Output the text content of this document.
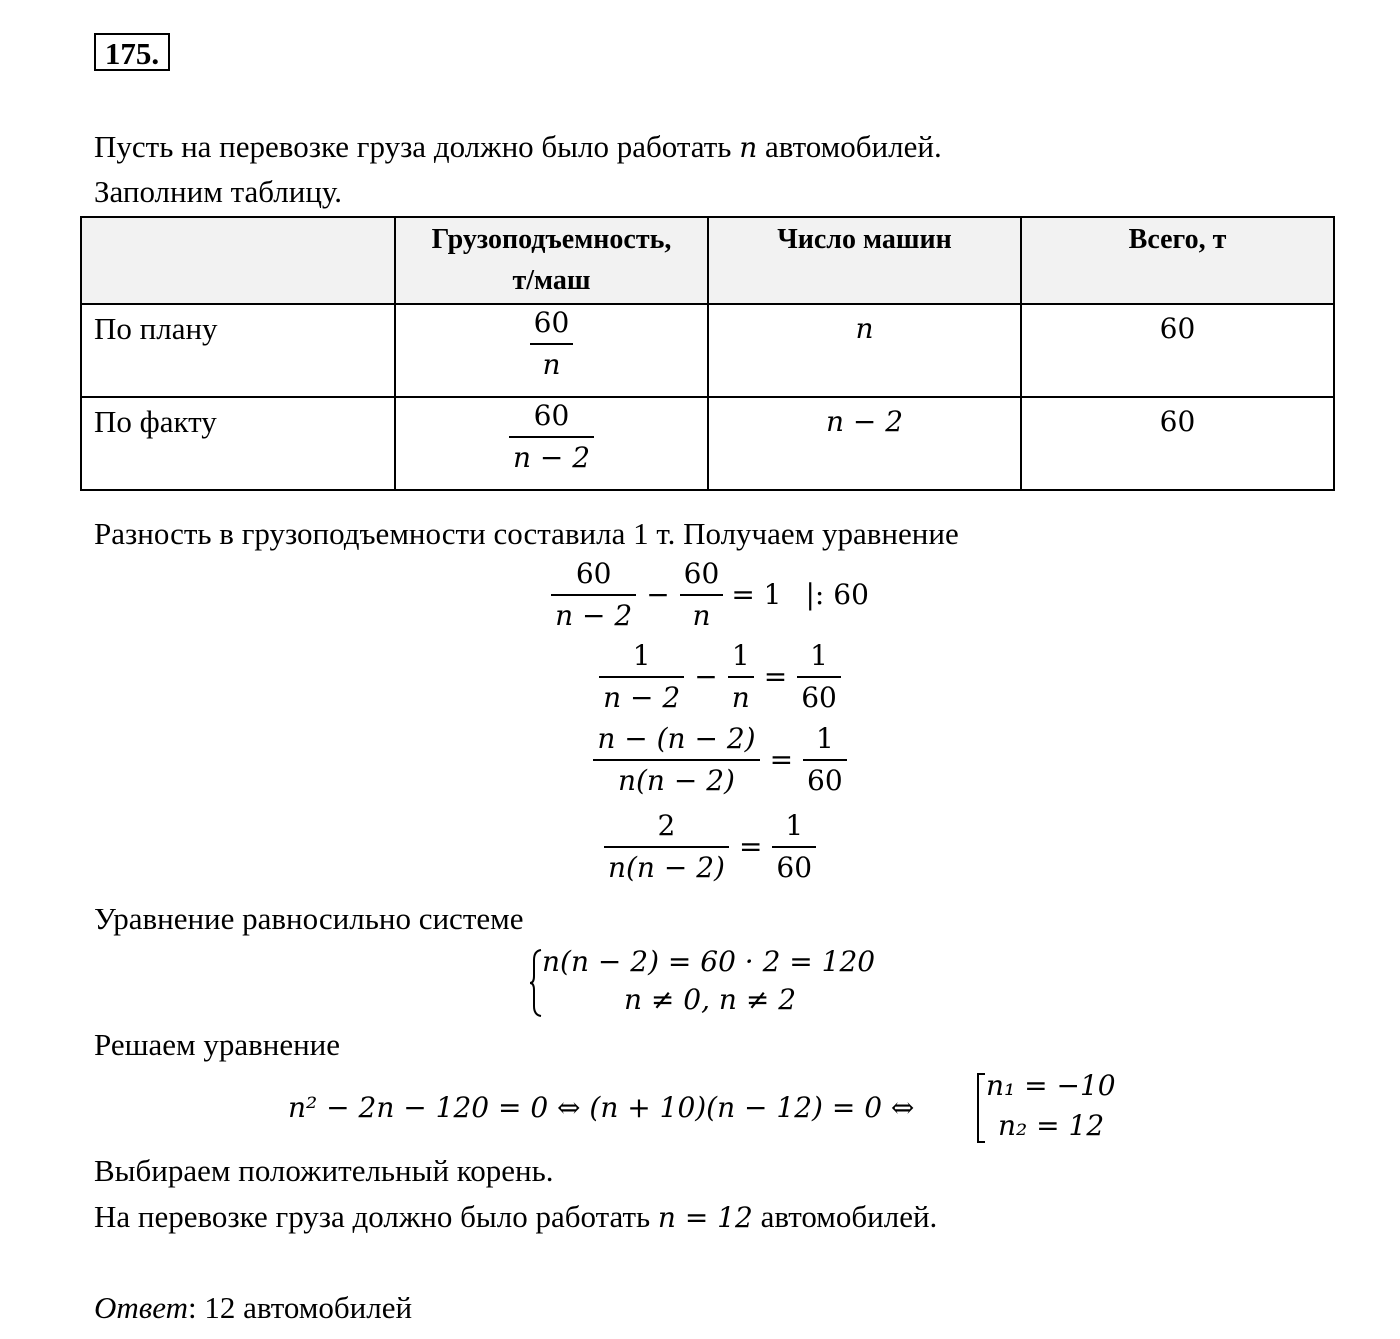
175.
Пусть на перевозке груза должно было работать n автомобилей.
Заполним таблицу.

	Грузоподъемность,
т/маш	Число машин	Всего, т
По плану	$\frac{60}{n}$	n	60
По факту	$\frac{60}{n - 2}$	n − 2	60
Разность в грузоподъемности составила 1 т. Получаем уравнение
$\frac{60}{n - 2} - \frac{60}{n} = 1$ |: 60
$\frac{1}{n - 2} - \frac{1}{n} = \frac{1}{60}$
$\frac{n - (n - 2)}{n(n - 2)} = \frac{1}{60}$
$\frac{2}{n(n - 2)} = \frac{1}{60}$
Уравнение равносильно системе
n(n − 2) = 60 · 2 = 120
n ≠ 0, n ≠ 2
Решаем уравнение
n² − 2n − 120 = 0 ⇔ (n + 10)(n − 12) = 0 ⇔
n₁ = −10
n₂ = 12
Выбираем положительный корень.
На перевозке груза должно было работать n = 12 автомобилей.
Ответ: 12 автомобилей
